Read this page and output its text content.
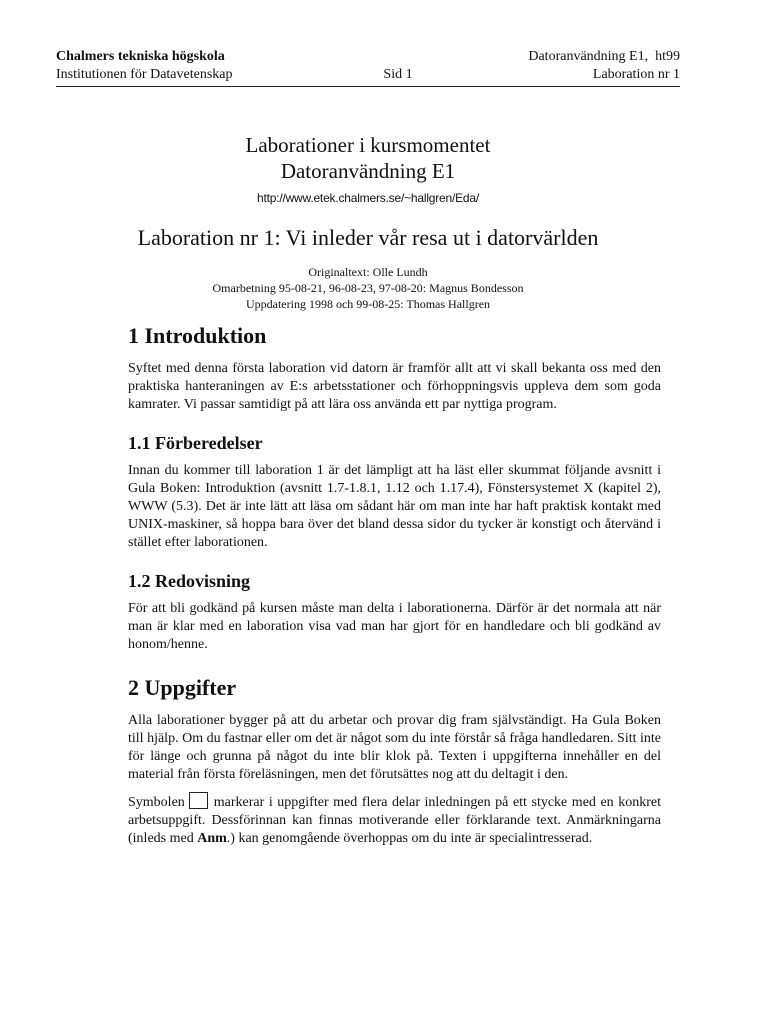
Chalmers tekniska högskola
Institutionen för Datavetenskap	Sid 1
Datoranvändning E1,  ht99
Laboration nr 1
Laborationer i kursmomentet
Datoranvändning E1
http://www.etek.chalmers.se/~hallgren/Eda/
Laboration nr 1: Vi inleder vår resa ut i datorvärlden
Originaltext: Olle Lundh
Omarbetning 95-08-21, 96-08-23, 97-08-20: Magnus Bondesson
Uppdatering 1998 och 99-08-25: Thomas Hallgren
1 Introduktion

Syftet med denna första laboration vid datorn är framför allt att vi skall bekanta oss med den praktiska hanteraningen av E:s arbetsstationer och förhoppningsvis uppleva dem som goda kamrater. Vi passar samtidigt på att lära oss använda ett par nyttiga program.

1.1 Förberedelser

Innan du kommer till laboration 1 är det lämpligt att ha läst eller skummat följande avsnitt i Gula Boken: Introduktion (avsnitt 1.7-1.8.1, 1.12 och 1.17.4), Fönstersystemet X (kapitel 2), WWW (5.3). Det är inte lätt att läsa om sådant här om man inte har haft praktisk kontakt med UNIX-maskiner, så hoppa bara över det bland dessa sidor du tycker är konstigt och återvänd i stället efter laborationen.

1.2 Redovisning

För att bli godkänd på kursen måste man delta i laborationerna. Därför är det normala att när man är klar med en laboration visa vad man har gjort för en handledare och bli godkänd av honom/henne.

2 Uppgifter

Alla laborationer bygger på att du arbetar och provar dig fram självständigt. Ha Gula Boken till hjälp. Om du fastnar eller om det är något som du inte förstår så fråga handledaren. Sitt inte för länge och grunna på något du inte blir klok på. Texten i uppgifterna innehåller en del material från första föreläsningen, men det förutsättes nog att du deltagit i den.

Symbolen markerar i uppgifter med flera delar inledningen på ett stycke med en konkret arbetsuppgift. Dessförinnan kan finnas motiverande eller förklarande text. Anmärkningarna (inleds med Anm.) kan genomgående överhoppas om du inte är specialintresserad.
